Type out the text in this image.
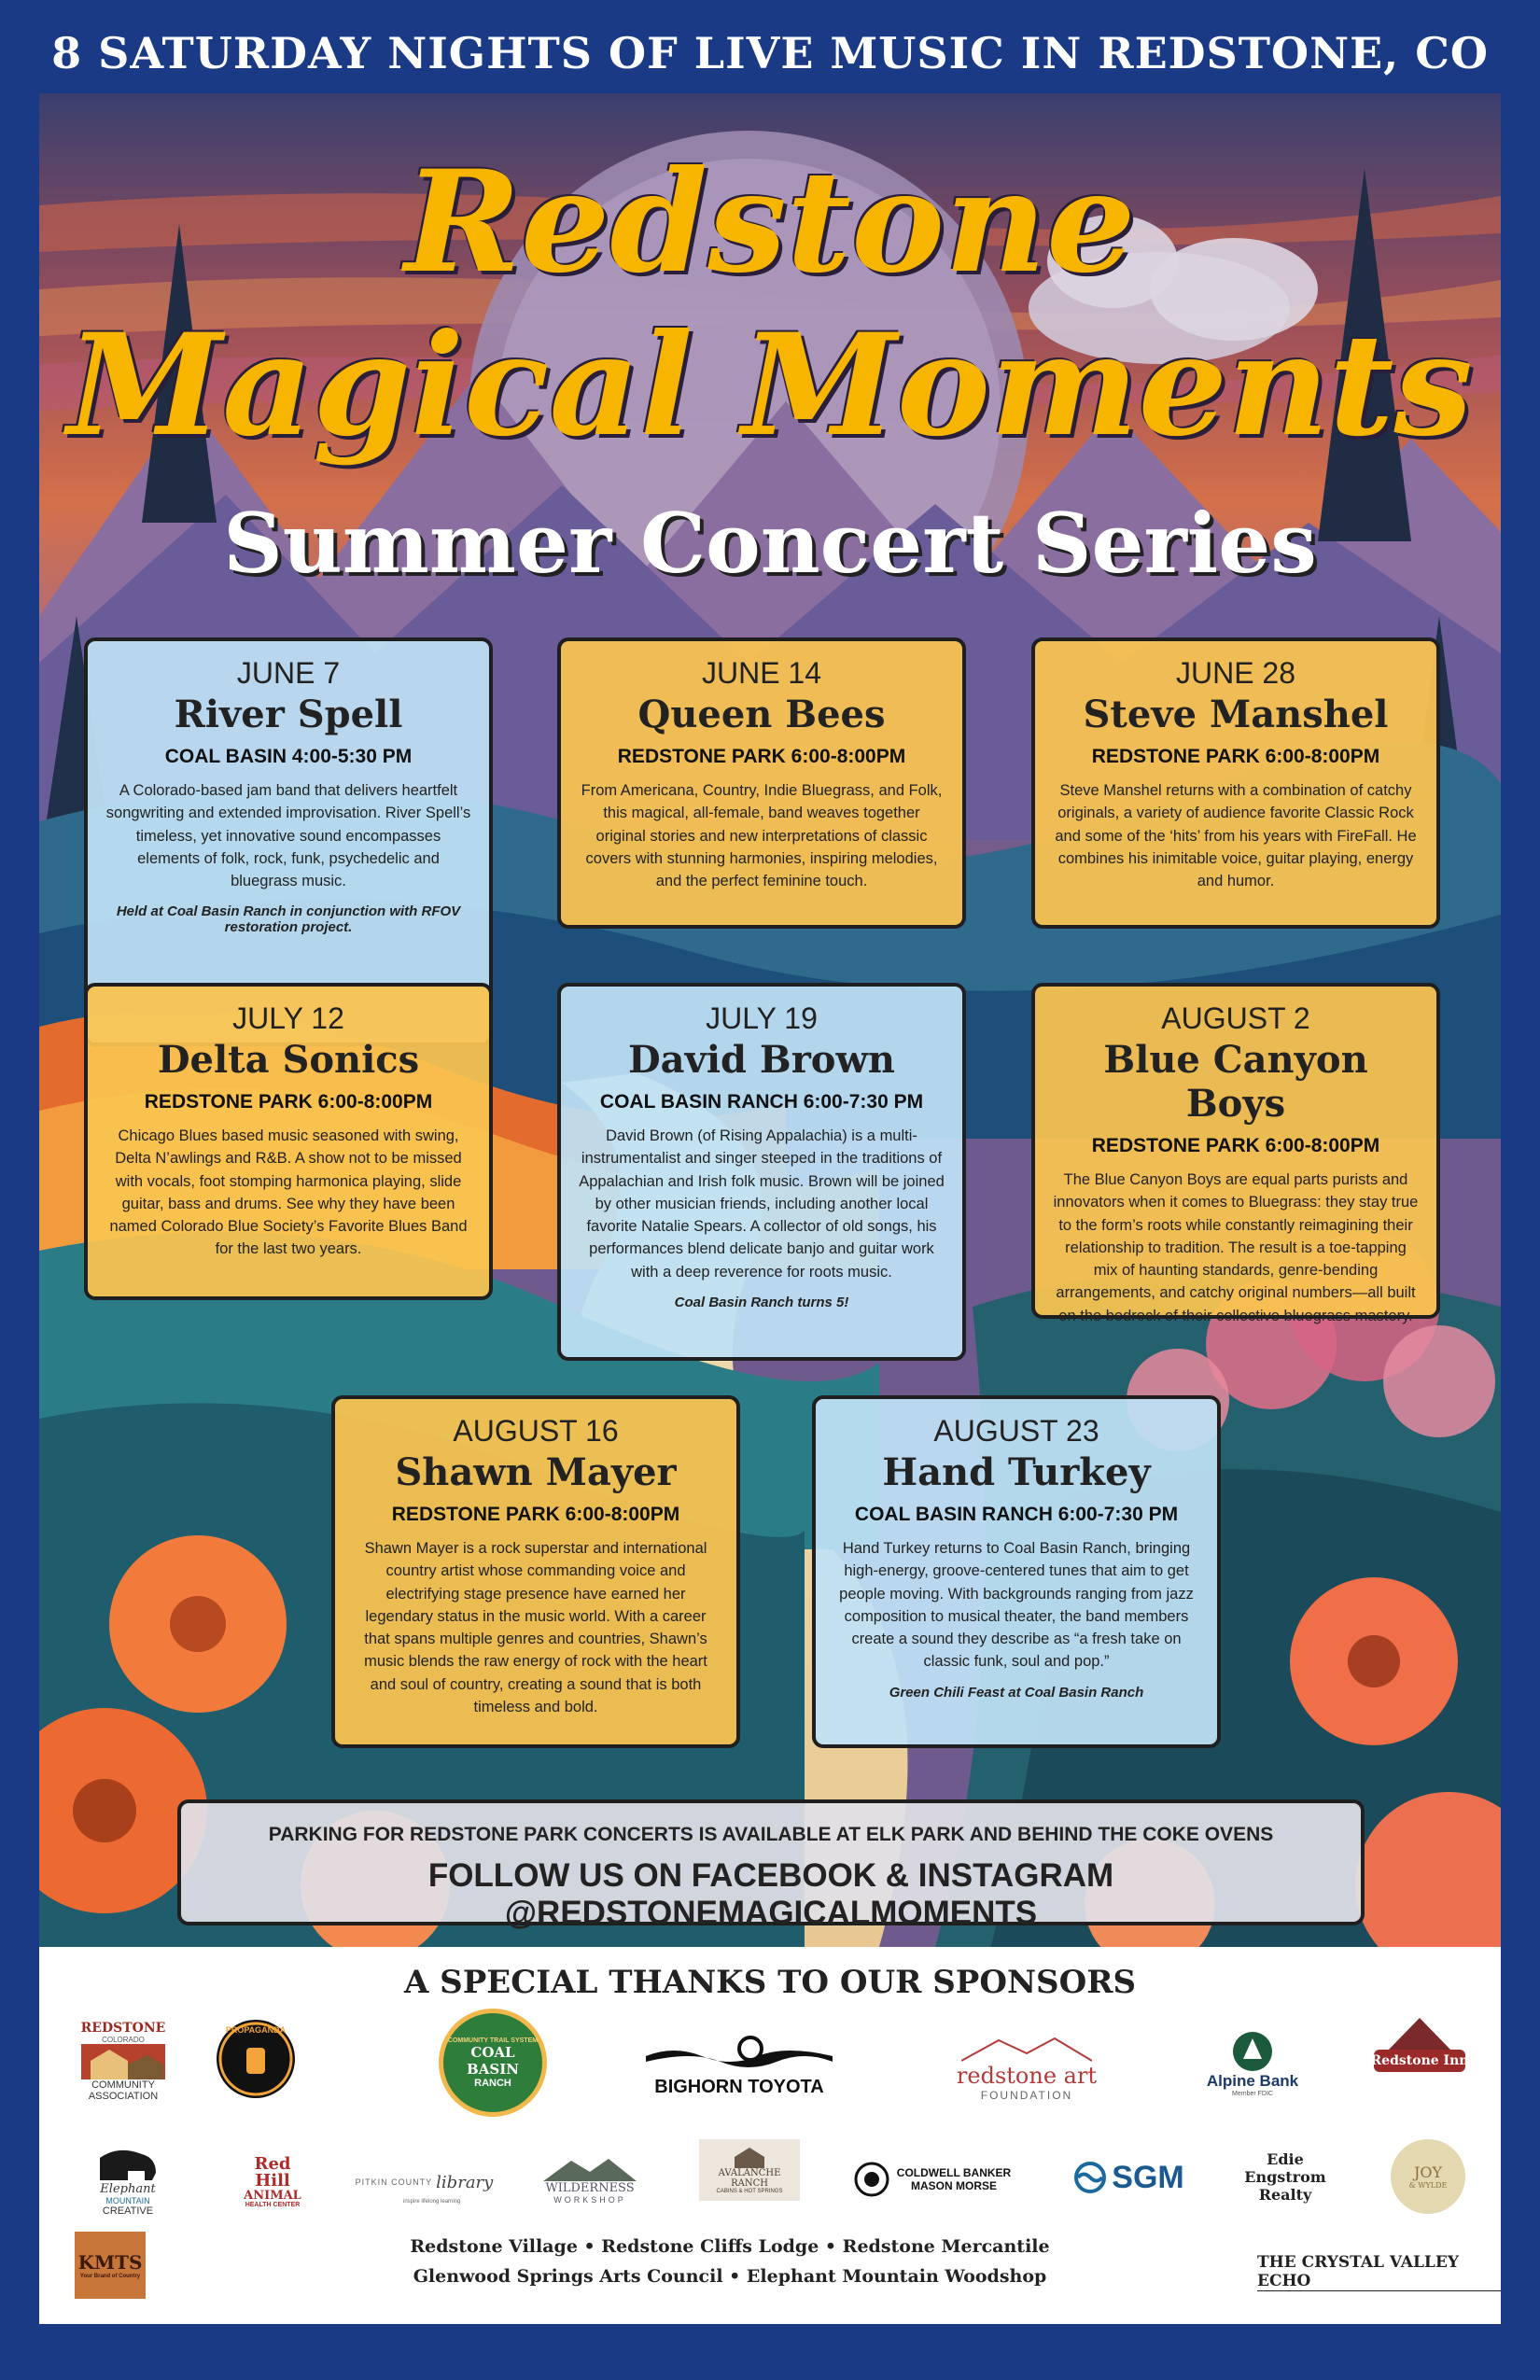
8 SATURDAY NIGHTS OF LIVE MUSIC IN REDSTONE, CO
Redstone
Magical Moments
Summer Concert Series
JUNE 7
River Spell
COAL BASIN 4:00-5:30 PM
A Colorado-based jam band that delivers heartfelt songwriting and extended improvisation. River Spell’s timeless, yet innovative sound encompasses elements of folk, rock, funk, psychedelic and bluegrass music.
Held at Coal Basin Ranch in conjunction with RFOV restoration project.
JUNE 14
Queen Bees
REDSTONE PARK 6:00-8:00PM
From Americana, Country, Indie Bluegrass, and Folk, this magical, all-female, band weaves together original stories and new interpretations of classic covers with stunning harmonies, inspiring melodies, and the perfect feminine touch.
JUNE 28
Steve Manshel
REDSTONE PARK 6:00-8:00PM
Steve Manshel returns with a combination of catchy originals, a variety of audience favorite Classic Rock and some of the ‘hits’ from his years with FireFall. He combines his inimitable voice, guitar playing, energy and humor.
JULY 12
Delta Sonics
REDSTONE PARK 6:00-8:00PM
Chicago Blues based music seasoned with swing, Delta N’awlings and R&B. A show not to be missed with vocals, foot stomping harmonica playing, slide guitar, bass and drums. See why they have been named Colorado Blue Society’s Favorite Blues Band for the last two years.
JULY 19
David Brown
COAL BASIN RANCH 6:00-7:30 PM
David Brown (of Rising Appalachia) is a multi-instrumentalist and singer steeped in the traditions of Appalachian and Irish folk music. Brown will be joined by other musician friends, including another local favorite Natalie Spears. A collector of old songs, his performances blend delicate banjo and guitar work with a deep reverence for roots music.
Coal Basin Ranch turns 5!
AUGUST 2
Blue Canyon Boys
REDSTONE PARK 6:00-8:00PM
The Blue Canyon Boys are equal parts purists and innovators when it comes to Bluegrass: they stay true to the form’s roots while constantly reimagining their relationship to tradition. The result is a toe-tapping mix of haunting standards, genre-bending arrangements, and catchy original numbers—all built on the bedrock of their collective bluegrass mastery.
AUGUST 16
Shawn Mayer
REDSTONE PARK 6:00-8:00PM
Shawn Mayer is a rock superstar and international country artist whose commanding voice and electrifying stage presence have earned her legendary status in the music world. With a career that spans multiple genres and countries, Shawn’s music blends the raw energy of rock with the heart and soul of country, creating a sound that is both timeless and bold.
AUGUST 23
Hand Turkey
COAL BASIN RANCH 6:00-7:30 PM
Hand Turkey returns to Coal Basin Ranch, bringing high-energy, groove-centered tunes that aim to get people moving. With backgrounds ranging from jazz composition to musical theater, the band members create a sound they describe as “a fresh take on classic funk, soul and pop.”
Green Chili Feast at Coal Basin Ranch
PARKING FOR REDSTONE PARK CONCERTS IS AVAILABLE AT ELK PARK AND BEHIND THE COKE OVENS
FOLLOW US ON FACEBOOK & INSTAGRAM @REDSTONEMAGICALMOMENTS
A SPECIAL THANKS TO OUR SPONSORS
REDSTONE
COLORADO
COMMUNITY
ASSOCIATION
PROPAGANDA
COMMUNITY TRAIL SYSTEM
COAL BASIN
RANCH	BIGHORN TOYOTA	redstone art
FOUNDATION
Alpine Bank
Member FDIC
Redstone Inn
Elephant
MOUNTAIN
CREATIVE
Red
Hill
ANIMAL
HEALTH CENTER
PITKIN COUNTY library
inspire lifelong learning
WILDERNESS
WORKSHOP
AVALANCHE RANCH
CABINS & HOT SPRINGS
COLDWELL BANKER
MASON MORSE	SGM
Edie
Engstrom
Realty
JOY
& WYLDE
KMTS
Your Brand of Country
Redstone Village • Redstone Cliffs Lodge • Redstone Mercantile
Glenwood Springs Arts Council • Elephant Mountain Woodshop
THE CRYSTAL VALLEY ECHO
